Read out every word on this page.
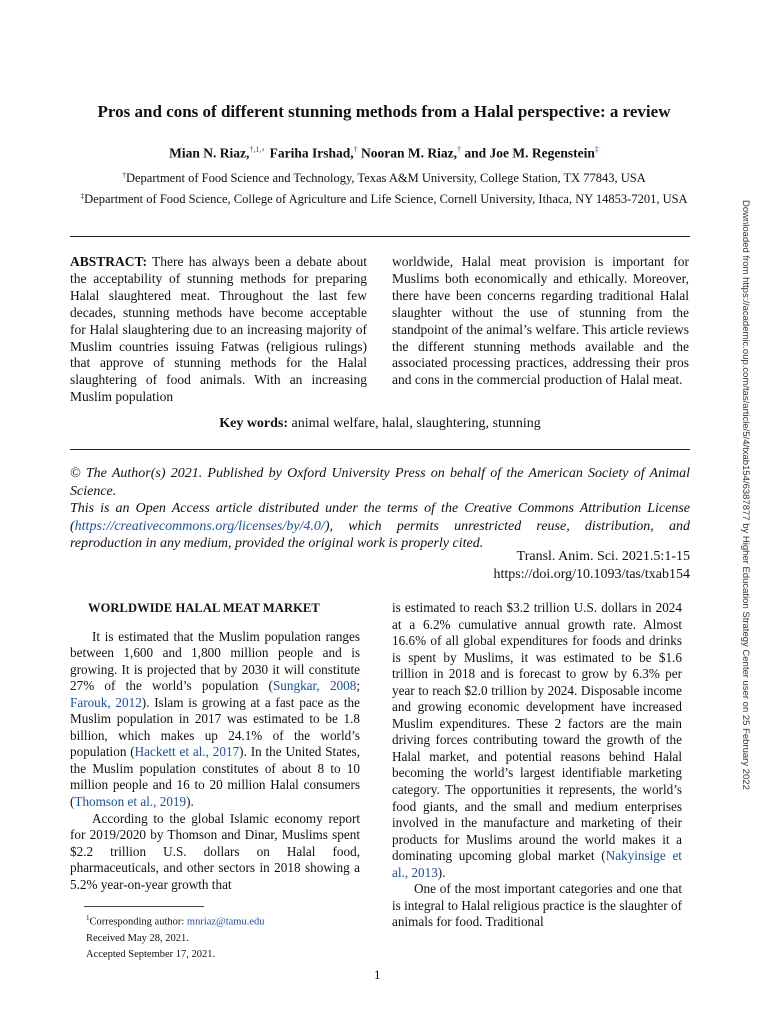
Pros and cons of different stunning methods from a Halal perspective: a review
Mian N. Riaz,$^{\dagger,1,◐}$ Fariha Irshad,† Nooran M. Riaz,† and Joe M. Regenstein‡
†Department of Food Science and Technology, Texas A&M University, College Station, TX 77843, USA
‡Department of Food Science, College of Agriculture and Life Science, Cornell University, Ithaca, NY 14853-7201, USA
ABSTRACT: There has always been a debate about the acceptability of stunning methods for preparing Halal slaughtered meat. Throughout the last few decades, stunning methods have become acceptable for Halal slaughtering due to an increasing majority of Muslim countries issuing Fatwas (religious rulings) that approve of stunning methods for the Halal slaughtering of food animals. With an increasing Muslim population
worldwide, Halal meat provision is important for Muslims both economically and ethically. Moreover, there have been concerns regarding traditional Halal slaughter without the use of stunning from the standpoint of the animal’s welfare. This article reviews the different stunning methods available and the associated processing practices, addressing their pros and cons in the commercial production of Halal meat.
Key words: animal welfare, halal, slaughtering, stunning
© The Author(s) 2021. Published by Oxford University Press on behalf of the American Society of Animal Science.
This is an Open Access article distributed under the terms of the Creative Commons Attribution License (https://creativecommons.org/licenses/by/4.0/), which permits unrestricted reuse, distribution, and reproduction in any medium, provided the original work is properly cited.
Transl. Anim. Sci. 2021.5:1-15
https://doi.org/10.1093/tas/txab154
WORLDWIDE HALAL MEAT MARKET

It is estimated that the Muslim population ranges between 1,600 and 1,800 million people and is growing. It is projected that by 2030 it will constitute 27% of the world’s population (Sungkar, 2008; Farouk, 2012). Islam is growing at a fast pace as the Muslim population in 2017 was estimated to be 1.8 billion, which makes up 24.1% of the world’s population (Hackett et al., 2017). In the United States, the Muslim population constitutes of about 8 to 10 million people and 16 to 20 million Halal consumers (Thomson et al., 2019).

According to the global Islamic economy report for 2019/2020 by Thomson and Dinar, Muslims spent $2.2 trillion U.S. dollars on Halal food, pharmaceuticals, and other sectors in 2018 showing a 5.2% year-on-year growth that

is estimated to reach $3.2 trillion U.S. dollars in 2024 at a 6.2% cumulative annual growth rate. Almost 16.6% of all global expenditures for foods and drinks is spent by Muslims, it was estimated to be $1.6 trillion in 2018 and is forecast to grow by 6.3% per year to reach $2.0 trillion by 2024. Disposable income and growing economic development have increased Muslim expenditures. These 2 factors are the main driving forces contributing toward the growth of the Halal market, and potential reasons behind Halal becoming the world’s largest identifiable marketing category. The opportunities it represents, the world’s food giants, and the small and medium enterprises involved in the manufacture and marketing of their products for Muslims around the world makes it a dominating upcoming global market (Nakyinsige et al., 2013).

One of the most important categories and one that is integral to Halal religious practice is the slaughter of animals for food. Traditional

$^1$Corresponding author: mnriaz@tamu.edu
Received May 28, 2021.
Accepted September 17, 2021.
1
Downloaded from https://academic.oup.com/tas/article/5/4/txab154/6387877 by Higher Education Strategy Center user on 25 February 2022
